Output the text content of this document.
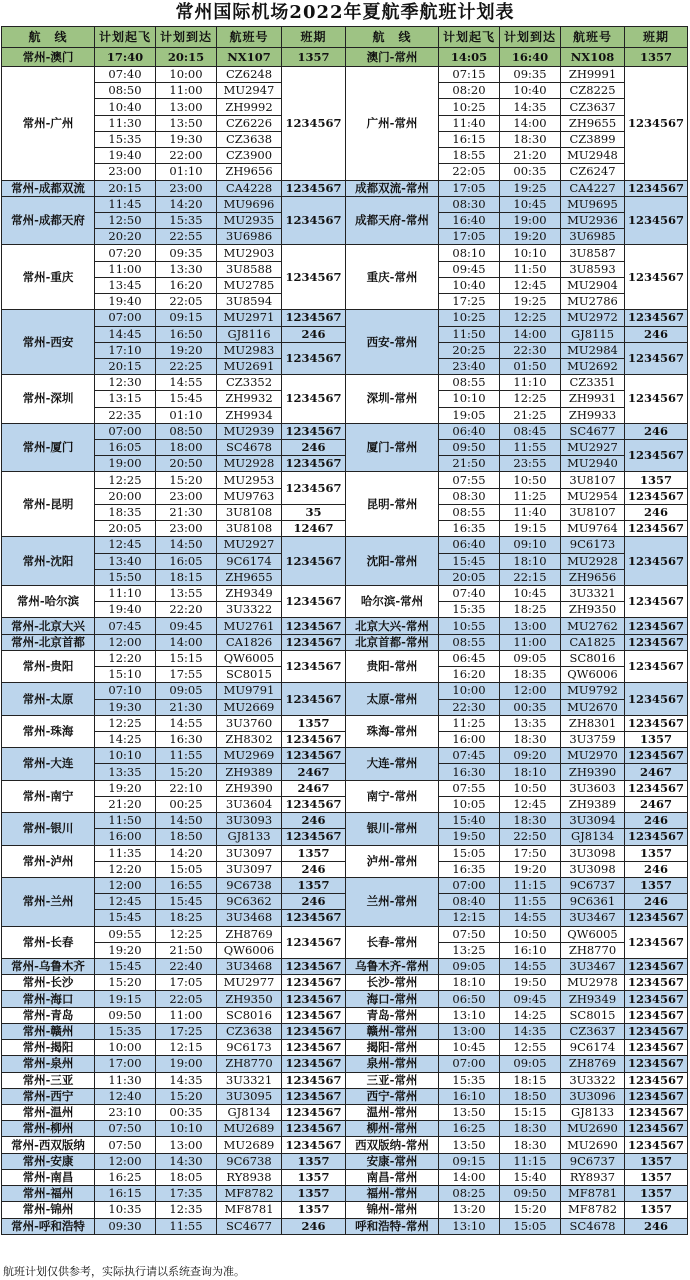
常州国际机场2022年夏航季航班计划表
航　线	计划起飞	计划到达	航班号	班期	航　线	计划起飞	计划到达	航班号	班期
常州-澳门	17:40	20:15	NX107	1357	澳门-常州	14:05	16:40	NX108	1357
常州-广州	07:40	10:00	CZ6248	1234567	广州-常州	07:15	09:35	ZH9991	1234567
	08:50	11:00	MU2947			08:20	10:40	CZ8225	
	10:40	13:00	ZH9992			10:25	14:35	CZ3637	
	11:30	13:50	CZ6226			11:40	14:00	ZH9655	
	15:35	19:30	CZ3638			16:15	18:30	CZ3899	
	19:40	22:00	CZ3900			18:55	21:20	MU2948	
	23:00	01:10	ZH9656			22:05	00:35	CZ6247	
常州-成都双流	20:15	23:00	CA4228	1234567	成都双流-常州	17:05	19:25	CA4227	1234567
常州-成都天府	11:45	14:20	MU9696	1234567	成都天府-常州	08:30	10:45	MU9695	1234567
	12:50	15:35	MU2935			16:40	19:00	MU2936	
	20:20	22:55	3U6986			17:05	19:20	3U6985	
常州-重庆	07:20	09:35	MU2903	1234567	重庆-常州	08:10	10:10	3U8587	1234567
	11:00	13:30	3U8588			09:45	11:50	3U8593	
	13:45	16:20	MU2785			10:40	12:45	MU2904	
	19:40	22:05	3U8594			17:25	19:25	MU2786	
常州-西安	07:00	09:15	MU2971	1234567	西安-常州	10:25	12:25	MU2972	1234567
	14:45	16:50	GJ8116	246		11:50	14:00	GJ8115	246
	17:10	19:20	MU2983	1234567		20:25	22:30	MU2984	1234567
	20:15	22:25	MU2691			23:40	01:50	MU2692	
常州-深圳	12:30	14:55	CZ3352	1234567	深圳-常州	08:55	11:10	CZ3351	1234567
	13:15	15:45	ZH9932			10:10	12:25	ZH9931	
	22:35	01:10	ZH9934			19:05	21:25	ZH9933	
常州-厦门	07:00	08:50	MU2939	1234567	厦门-常州	06:40	08:45	SC4677	246
	16:05	18:00	SC4678	246		09:50	11:55	MU2927	1234567
	19:00	20:50	MU2928	1234567		21:50	23:55	MU2940	
常州-昆明	12:25	15:20	MU2953	1234567	昆明-常州	07:55	10:50	3U8107	1357
	20:00	23:00	MU9763			08:30	11:25	MU2954	1234567
	18:35	21:30	3U8108	35		08:55	11:40	3U8107	246
	20:05	23:00	3U8108	12467		16:35	19:15	MU9764	1234567
常州-沈阳	12:45	14:50	MU2927	1234567	沈阳-常州	06:40	09:10	9C6173	1234567
	13:40	16:05	9C6174			15:45	18:10	MU2928	
	15:50	18:15	ZH9655			20:05	22:15	ZH9656	
常州-哈尔滨	11:10	13:55	ZH9349	1234567	哈尔滨-常州	07:40	10:45	3U3321	1234567
	19:40	22:20	3U3322			15:35	18:25	ZH9350	
常州-北京大兴	07:45	09:45	MU2761	1234567	北京大兴-常州	10:55	13:00	MU2762	1234567
常州-北京首都	12:00	14:00	CA1826	1234567	北京首都-常州	08:55	11:00	CA1825	1234567
常州-贵阳	12:20	15:15	QW6005	1234567	贵阳-常州	06:45	09:05	SC8016	1234567
	15:10	17:55	SC8015			16:20	18:35	QW6006	
常州-太原	07:10	09:05	MU9791	1234567	太原-常州	10:00	12:00	MU9792	1234567
	19:30	21:30	MU2669			22:30	00:35	MU2670	
常州-珠海	12:25	14:55	3U3760	1357	珠海-常州	11:25	13:35	ZH8301	1234567
	14:25	16:30	ZH8302	1234567		16:00	18:30	3U3759	1357
常州-大连	10:10	11:55	MU2969	1234567	大连-常州	07:45	09:20	MU2970	1234567
	13:35	15:20	ZH9389	2467		16:30	18:10	ZH9390	2467
常州-南宁	19:20	22:10	ZH9390	2467	南宁-常州	07:55	10:50	3U3603	1234567
	21:20	00:25	3U3604	1234567		10:05	12:45	ZH9389	2467
常州-银川	11:50	14:50	3U3093	246	银川-常州	15:40	18:30	3U3094	246
	16:00	18:50	GJ8133	1234567		19:50	22:50	GJ8134	1234567
常州-泸州	11:35	14:20	3U3097	1357	泸州-常州	15:05	17:50	3U3098	1357
	12:20	15:05	3U3097	246		16:35	19:20	3U3098	246
常州-兰州	12:00	16:55	9C6738	1357	兰州-常州	07:00	11:15	9C6737	1357
	12:45	15:45	9C6362	246		08:40	11:55	9C6361	246
	15:45	18:25	3U3468	1234567		12:15	14:55	3U3467	1234567
常州-长春	09:55	12:25	ZH8769	1234567	长春-常州	07:50	10:50	QW6005	1234567
	19:20	21:50	QW6006			13:25	16:10	ZH8770	
常州-乌鲁木齐	15:45	22:40	3U3468	1234567	乌鲁木齐-常州	09:05	14:55	3U3467	1234567
常州-长沙	15:20	17:05	MU2977	1234567	长沙-常州	18:10	19:50	MU2978	1234567
常州-海口	19:15	22:05	ZH9350	1234567	海口-常州	06:50	09:45	ZH9349	1234567
常州-青岛	09:50	11:00	SC8016	1234567	青岛-常州	13:10	14:25	SC8015	1234567
常州-赣州	15:35	17:25	CZ3638	1234567	赣州-常州	13:00	14:35	CZ3637	1234567
常州-揭阳	10:00	12:15	9C6173	1234567	揭阳-常州	10:45	12:55	9C6174	1234567
常州-泉州	17:00	19:00	ZH8770	1234567	泉州-常州	07:00	09:05	ZH8769	1234567
常州-三亚	11:30	14:35	3U3321	1234567	三亚-常州	15:35	18:15	3U3322	1234567
常州-西宁	12:40	15:20	3U3095	1234567	西宁-常州	16:10	18:50	3U3096	1234567
常州-温州	23:10	00:35	GJ8134	1234567	温州-常州	13:50	15:15	GJ8133	1234567
常州-柳州	07:50	10:10	MU2689	1234567	柳州-常州	16:25	18:30	MU2690	1234567
常州-西双版纳	07:50	13:00	MU2689	1234567	西双版纳-常州	13:50	18:30	MU2690	1234567
常州-安康	12:00	14:30	9C6738	1357	安康-常州	09:15	11:15	9C6737	1357
常州-南昌	16:25	18:05	RY8938	1357	南昌-常州	14:00	15:40	RY8937	1357
常州-福州	16:15	17:35	MF8782	1357	福州-常州	08:25	09:50	MF8781	1357
常州-锦州	10:35	12:35	MF8781	1357	锦州-常州	13:20	15:20	MF8782	1357
常州-呼和浩特	09:30	11:55	SC4677	246	呼和浩特-常州	13:10	15:05	SC4678	246
航班计划仅供参考，实际执行请以系统查询为准。
